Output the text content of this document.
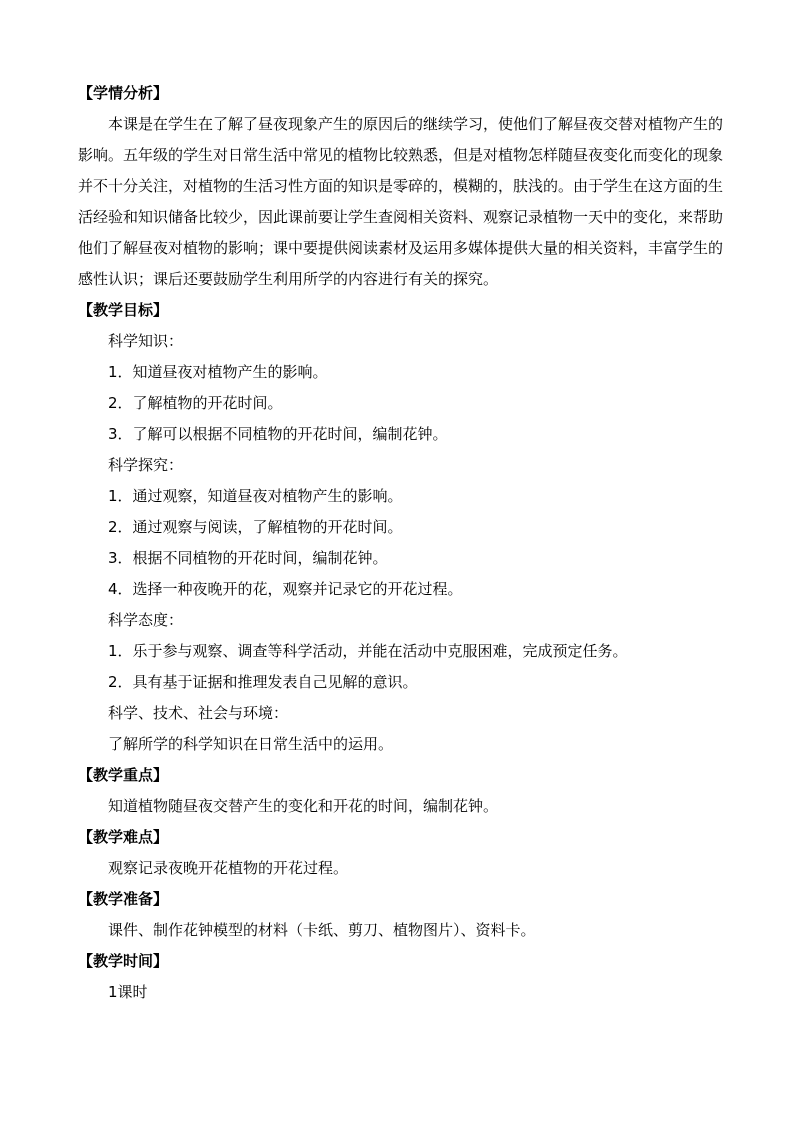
【学情分析】

本课是在学生在了解了昼夜现象产生的原因后的继续学习，使他们了解昼夜交替对植物产生的影响。五年级的学生对日常生活中常见的植物比较熟悉，但是对植物怎样随昼夜变化而变化的现象并不十分关注，对植物的生活习性方面的知识是零碎的，模糊的，肤浅的。由于学生在这方面的生活经验和知识储备比较少，因此课前要让学生查阅相关资料、观察记录植物一天中的变化，来帮助他们了解昼夜对植物的影响；课中要提供阅读素材及运用多媒体提供大量的相关资料，丰富学生的感性认识；课后还要鼓励学生利用所学的内容进行有关的探究。

【教学目标】
科学知识：
1．知道昼夜对植物产生的影响。
2．了解植物的开花时间。
3．了解可以根据不同植物的开花时间，编制花钟。
科学探究：
1．通过观察，知道昼夜对植物产生的影响。
2．通过观察与阅读，了解植物的开花时间。
3．根据不同植物的开花时间，编制花钟。
4．选择一种夜晚开的花，观察并记录它的开花过程。
科学态度：
1．乐于参与观察、调查等科学活动，并能在活动中克服困难，完成预定任务。
2．具有基于证据和推理发表自己见解的意识。
科学、技术、社会与环境：
了解所学的科学知识在日常生活中的运用。
【教学重点】
知道植物随昼夜交替产生的变化和开花的时间，编制花钟。
【教学难点】
观察记录夜晚开花植物的开花过程。
【教学准备】
课件、制作花钟模型的材料（卡纸、剪刀、植物图片）、资料卡。
【教学时间】
1课时
